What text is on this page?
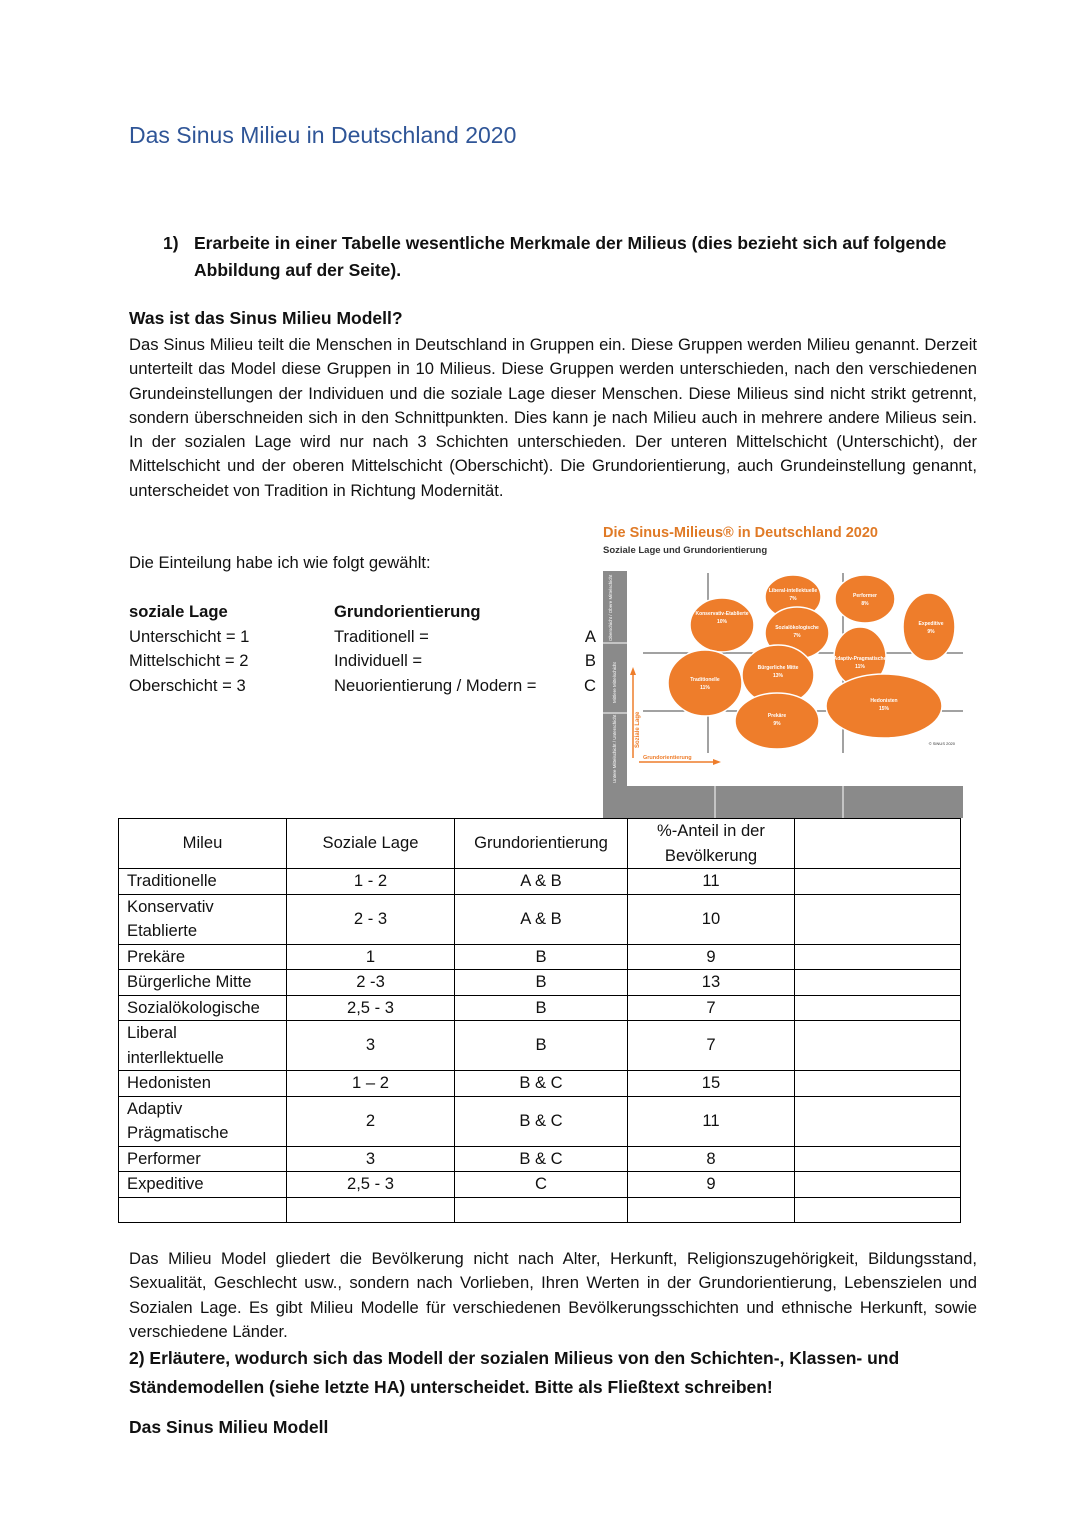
Das Sinus Milieu in Deutschland 2020
1) Erarbeite in einer Tabelle wesentliche Merkmale der Milieus (dies bezieht sich auf folgende Abbildung auf der Seite).
Was ist das Sinus Milieu Modell?
Das Sinus Milieu teilt die Menschen in Deutschland in Gruppen ein. Diese Gruppen werden Milieu genannt. Derzeit unterteilt das Model diese Gruppen in 10 Milieus. Diese Gruppen werden unterschieden, nach den verschiedenen Grundeinstellungen der Individuen und die soziale Lage dieser Menschen. Diese Milieus sind nicht strikt getrennt, sondern überschneiden sich in den Schnittpunkten. Dies kann je nach Milieu auch in mehrere andere Milieus sein. In der sozialen Lage wird nur nach 3 Schichten unterschieden. Der unteren Mittelschicht (Unterschicht), der Mittelschicht und der oberen Mittelschicht (Oberschicht). Die Grundorientierung, auch Grundeinstellung genannt, unterscheidet von Tradition in Richtung Modernität.
Die Einteilung habe ich wie folgt gewählt:
soziale Lage
Unterschicht = 1
Mittelschicht = 2
Oberschicht = 3
Grundorientierung
Traditionell =	A
Individuell =	B
Neuorientierung / Modern =	C
Die Sinus-Milieus® in Deutschland 2020
Soziale Lage und Grundorientierung
Oberschicht / Obere Mittelschicht
Mittlere Mittelschicht
Untere Mittelschicht / Unterschicht	Tradition	Modernisierung / Individualisierung	Neuorientierung
Soziale Lage
Grundorientierung
Liberal-intellektuelle
7%	Performer
8%
Konservativ-Etablierte
10%
Sozialökologische
7%
Expeditive
9%
Adaptiv-Pragmatische
11%
Bürgerliche Mitte
13%
Traditionelle
11%
Hedonisten
15%
Prekäre
9%
© SINUS 2020
Mileu	Soziale Lage	Grundorientierung	%-Anteil in der Bevölkerung	
Traditionelle	1 - 2	A & B	11	
Konservativ Etablierte	2 - 3	A & B	10	
Prekäre	1	B	9	
Bürgerliche Mitte	2 -3	B	13	
Sozialökologische	2,5 - 3	B	7	
Liberal interllektuelle	3	B	7	
Hedonisten	1 – 2	B & C	15	
Adaptiv Prägmatische	2	B & C	11	
Performer	3	B & C	8	
Expeditive	2,5 - 3	C	9	

Das Milieu Model gliedert die Bevölkerung nicht nach Alter, Herkunft, Religionszugehörigkeit, Bildungsstand, Sexualität, Geschlecht usw., sondern nach Vorlieben, Ihren Werten in der Grundorientierung, Lebenszielen und Sozialen Lage. Es gibt Milieu Modelle für verschiedenen Bevölkerungsschichten und ethnische Herkunft, sowie verschiedene Länder.
2) Erläutere, wodurch sich das Modell der sozialen Milieus von den Schichten-, Klassen- und Ständemodellen (siehe letzte HA) unterscheidet. Bitte als Fließtext schreiben!
Das Sinus Milieu Modell
